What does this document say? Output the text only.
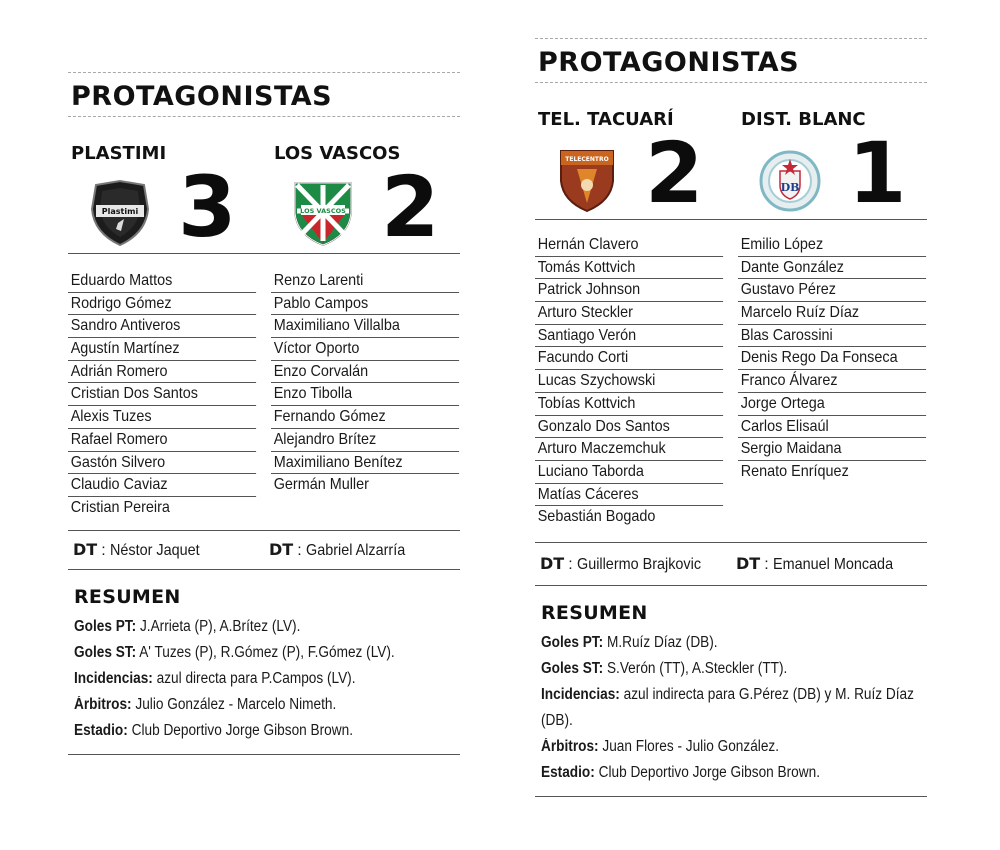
PROTAGONISTAS
PLASTIMI
Plastimi 3
LOS VASCOS
LOS VASCOS 2
Eduardo Mattos
Rodrigo Gómez
Sandro Antiveros
Agustín Martínez
Adrián Romero
Cristian Dos Santos
Alexis Tuzes
Rafael Romero
Gastón Silvero
Claudio Caviaz
Cristian Pereira
Renzo Larenti
Pablo Campos
Maximiliano Villalba
Víctor Oporto
Enzo Corvalán
Enzo Tibolla
Fernando Gómez
Alejandro Brítez
Maximiliano Benítez
Germán Muller
DT : Néstor Jaquet	DT : Gabriel Alzarría
RESUMEN
Goles PT: J.Arrieta (P), A.Brítez (LV).
Goles ST: A' Tuzes (P), R.Gómez (P), F.Gómez (LV).
Incidencias: azul directa para P.Campos (LV).
Árbitros: Julio González - Marcelo Nimeth.
Estadio: Club Deportivo Jorge Gibson Brown.
PROTAGONISTAS
TEL. TACUARÍ
TELECENTRO 2
DIST. BLANC
DB 1
Hernán Clavero
Tomás Kottvich
Patrick Johnson
Arturo Steckler
Santiago Verón
Facundo Corti
Lucas Szychowski
Tobías Kottvich
Gonzalo Dos Santos
Arturo Maczemchuk
Luciano Taborda
Matías Cáceres
Sebastián Bogado
Emilio López
Dante González
Gustavo Pérez
Marcelo Ruíz Díaz
Blas Carossini
Denis Rego Da Fonseca
Franco Álvarez
Jorge Ortega
Carlos Elisaúl
Sergio Maidana
Renato Enríquez
DT : Guillermo Brajkovic	DT : Emanuel Moncada
RESUMEN
Goles PT: M.Ruíz Díaz (DB).
Goles ST: S.Verón (TT), A.Steckler (TT).
Incidencias: azul indirecta para G.Pérez (DB) y M. Ruíz Díaz (DB).
Árbitros: Juan Flores - Julio González.
Estadio: Club Deportivo Jorge Gibson Brown.
